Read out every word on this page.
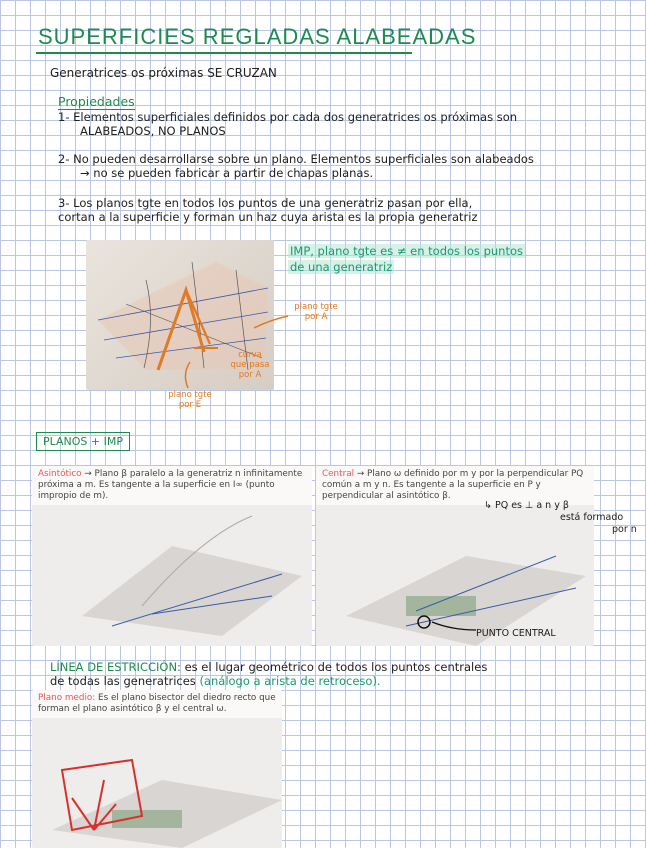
SUPERFICIES REGLADAS ALABEADAS
Generatrices os próximas SE CRUZAN
Propiedades
1- Elementos superficiales definidos por cada dos generatrices os próximas son
ALABEADOS, NO PLANOS
2- No pueden desarrollarse sobre un plano. Elementos superficiales son alabeados
→ no se pueden fabricar a partir de chapas planas.
3- Los planos tgte en todos los puntos de una generatriz pasan por ella,
cortan a la superficie y forman un haz cuya arista es la propia generatriz
plano tgte por A
curva que pasa por A
plano tgte por E
IMP, plano tgte es ≠ en todos los puntos
de una generatriz
PLANOS + IMP
Asintótico → Plano β paralelo a la generatriz n infinitamente próxima a m. Es tangente a la superficie en I∞ (punto impropio de m).
Central → Plano ω definido por m y por la perpendicular PQ común a m y n. Es tangente a la superficie en P y perpendicular al asintótico β.
↳ PQ es ⊥ a n y β
está formado
por n
PUNTO CENTRAL
LÍNEA DE ESTRICCIÓN: es el lugar geométrico de todos los puntos centrales
de todas las generatrices (análogo a arista de retroceso).
Plano medio: Es el plano bisector del diedro recto que forman el plano asintótico β y el central ω.
